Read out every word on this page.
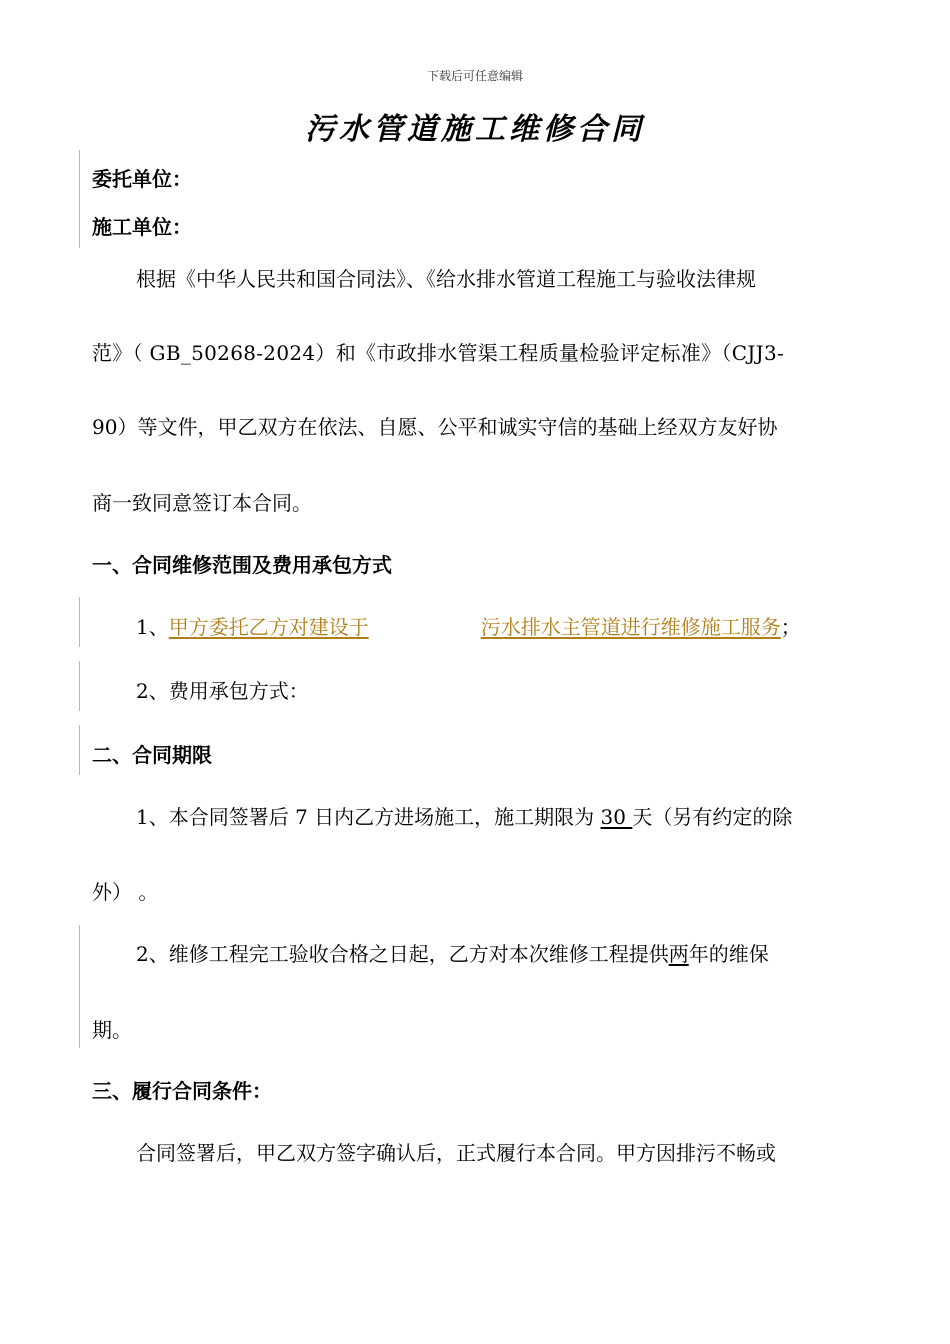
下载后可任意编辑
污水管道施工维修合同
委托单位：
施工单位：
根据《中华人民共和国合同法》、《给水排水管道工程施工与验收法律规
范》（ GB_50268-2024）和《市政排水管渠工程质量检验评定标准》（CJJ3-
90）等文件，甲乙双方在依法、自愿、公平和诚实守信的基础上经双方友好协
商一致同意签订本合同。
一、合同维修范围及费用承包方式
1、甲方委托乙方对建设于	污水排水主管道进行维修施工服务；
2、费用承包方式：
二、合同期限
1、本合同签署后 7 日内乙方进场施工，施工期限为 30 天（另有约定的除
外） 。
2、维修工程完工验收合格之日起，乙方对本次维修工程提供两年的维保
期。
三、履行合同条件：
合同签署后，甲乙双方签字确认后，正式履行本合同。甲方因排污不畅或
